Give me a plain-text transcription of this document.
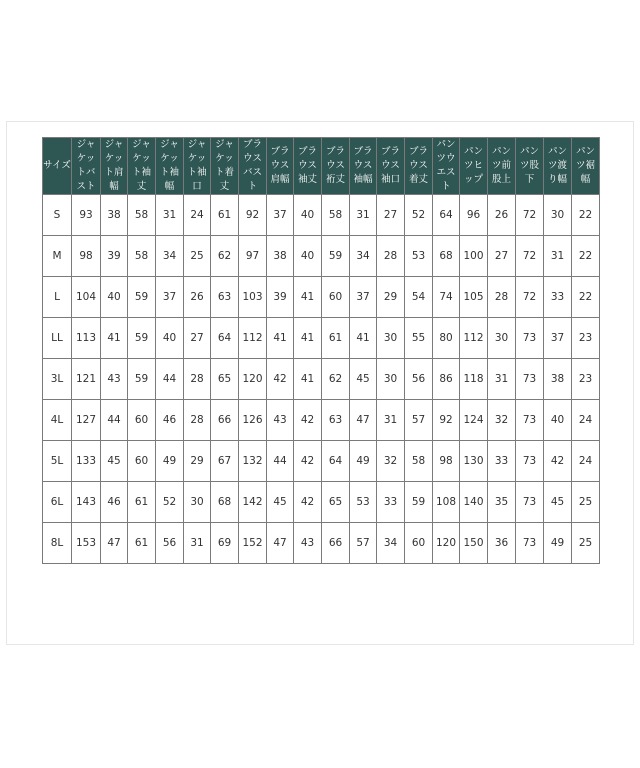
サイズ	ジャケットバスト	ジャケット肩幅	ジャケット袖丈	ジャケット袖幅	ジャケット袖口	ジャケット着丈	ブラウスバスト	ブラウス肩幅	ブラウス袖丈	ブラウス裄丈	ブラウス袖幅	ブラウス袖口	ブラウス着丈	パンツウエスト	パンツヒップ	パンツ前股上	パンツ股下	パンツ渡り幅	パンツ裾幅
S	93	38	58	31	24	61	92	37	40	58	31	27	52	64	96	26	72	30	22
M	98	39	58	34	25	62	97	38	40	59	34	28	53	68	100	27	72	31	22
L	104	40	59	37	26	63	103	39	41	60	37	29	54	74	105	28	72	33	22
LL	113	41	59	40	27	64	112	41	41	61	41	30	55	80	112	30	73	37	23
3L	121	43	59	44	28	65	120	42	41	62	45	30	56	86	118	31	73	38	23
4L	127	44	60	46	28	66	126	43	42	63	47	31	57	92	124	32	73	40	24
5L	133	45	60	49	29	67	132	44	42	64	49	32	58	98	130	33	73	42	24
6L	143	46	61	52	30	68	142	45	42	65	53	33	59	108	140	35	73	45	25
8L	153	47	61	56	31	69	152	47	43	66	57	34	60	120	150	36	73	49	25
